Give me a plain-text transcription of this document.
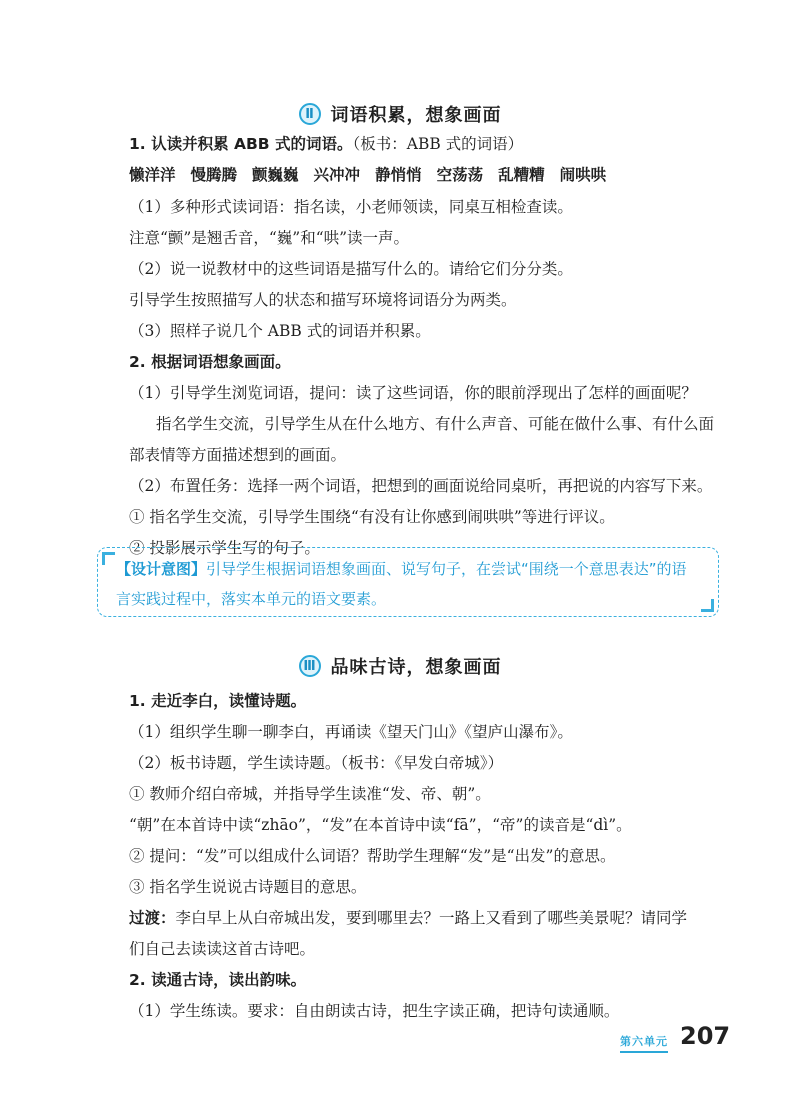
Ⅱ 词语积累，想象画面
1. 认读并积累 ABB 式的词语。（板书：ABB 式的词语）
懒洋洋 慢腾腾 颤巍巍 兴冲冲 静悄悄 空荡荡 乱糟糟 闹哄哄
（1）多种形式读词语：指名读，小老师领读，同桌互相检查读。
注意“颤”是翘舌音，“巍”和“哄”读一声。
（2）说一说教材中的这些词语是描写什么的。请给它们分分类。
引导学生按照描写人的状态和描写环境将词语分为两类。
（3）照样子说几个 ABB 式的词语并积累。
2. 根据词语想象画面。
（1）引导学生浏览词语，提问：读了这些词语，你的眼前浮现出了怎样的画面呢？
指名学生交流，引导学生从在什么地方、有什么声音、可能在做什么事、有什么面
部表情等方面描述想到的画面。
（2）布置任务：选择一两个词语，把想到的画面说给同桌听，再把说的内容写下来。
① 指名学生交流，引导学生围绕“有没有让你感到闹哄哄”等进行评议。
② 投影展示学生写的句子。
【设计意图】引导学生根据词语想象画面、说写句子，在尝试“围绕一个意思表达”的语言实践过程中，落实本单元的语文要素。
Ⅲ 品味古诗，想象画面
1. 走近李白，读懂诗题。
（1）组织学生聊一聊李白，再诵读《望天门山》《望庐山瀑布》。
（2）板书诗题，学生读诗题。（板书：《早发白帝城》）
① 教师介绍白帝城，并指导学生读准“发、帝、朝”。
“朝”在本首诗中读“zhāo”，“发”在本首诗中读“fā”，“帝”的读音是“dì”。
② 提问：“发”可以组成什么词语？帮助学生理解“发”是“出发”的意思。
③ 指名学生说说古诗题目的意思。
过渡：李白早上从白帝城出发，要到哪里去？一路上又看到了哪些美景呢？请同学
们自己去读读这首古诗吧。
2. 读通古诗，读出韵味。
（1）学生练读。要求：自由朗读古诗，把生字读正确，把诗句读通顺。
第六单元 207
